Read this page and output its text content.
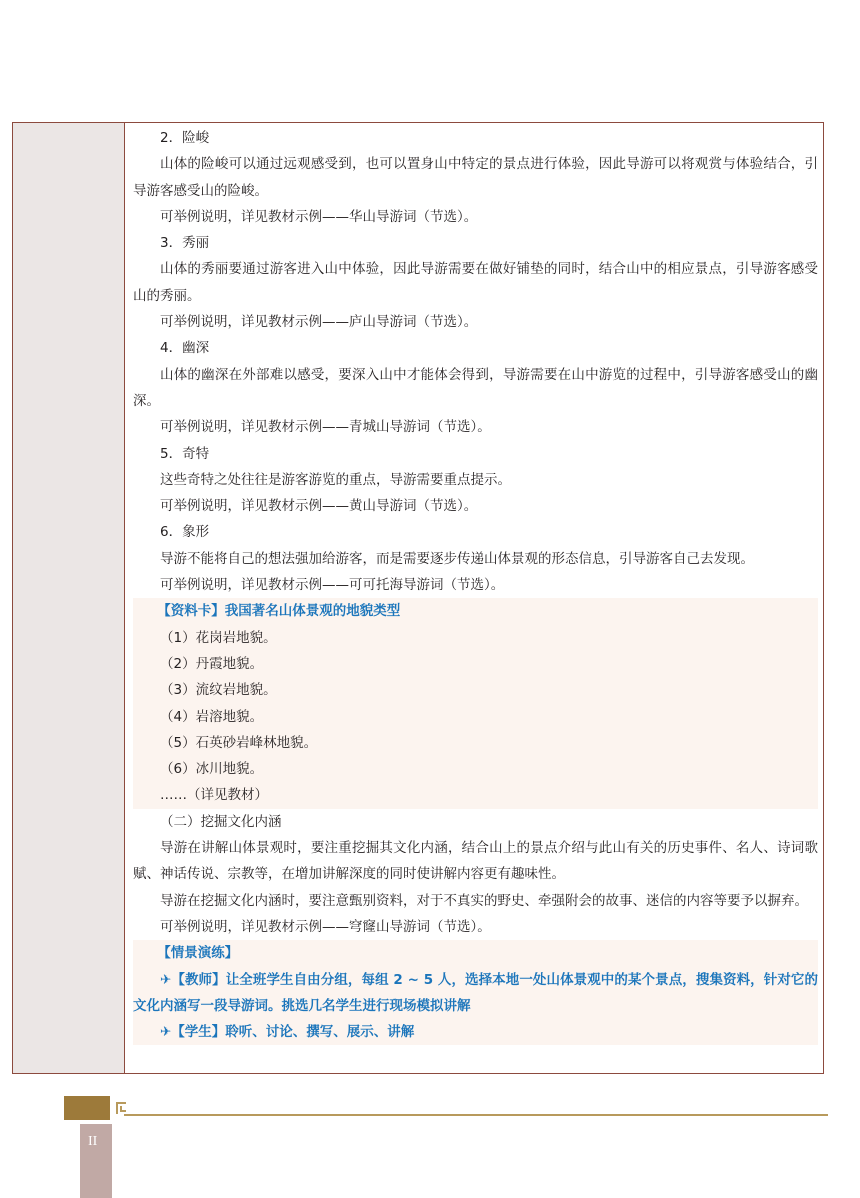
2．险峻

山体的险峻可以通过远观感受到，也可以置身山中特定的景点进行体验，因此导游可以将观赏与体验结合，引导游客感受山的险峻。

可举例说明，详见教材示例——华山导游词（节选）。

3．秀丽

山体的秀丽要通过游客进入山中体验，因此导游需要在做好铺垫的同时，结合山中的相应景点，引导游客感受山的秀丽。

可举例说明，详见教材示例——庐山导游词（节选）。

4．幽深

山体的幽深在外部难以感受，要深入山中才能体会得到，导游需要在山中游览的过程中，引导游客感受山的幽深。

可举例说明，详见教材示例——青城山导游词（节选）。

5．奇特

这些奇特之处往往是游客游览的重点，导游需要重点提示。

可举例说明，详见教材示例——黄山导游词（节选）。

6．象形

导游不能将自己的想法强加给游客，而是需要逐步传递山体景观的形态信息，引导游客自己去发现。

可举例说明，详见教材示例——可可托海导游词（节选）。

【资料卡】我国著名山体景观的地貌类型

（1）花岗岩地貌。

（2）丹霞地貌。

（3）流纹岩地貌。

（4）岩溶地貌。

（5）石英砂岩峰林地貌。

（6）冰川地貌。

……（详见教材）

（二）挖掘文化内涵

导游在讲解山体景观时，要注重挖掘其文化内涵，结合山上的景点介绍与此山有关的历史事件、名人、诗词歌赋、神话传说、宗教等，在增加讲解深度的同时使讲解内容更有趣味性。

导游在挖掘文化内涵时，要注意甄别资料，对于不真实的野史、牵强附会的故事、迷信的内容等要予以摒弃。

可举例说明，详见教材示例——穹窿山导游词（节选）。

【情景演练】

✈【教师】让全班学生自由分组，每组 2 ~ 5 人，选择本地一处山体景观中的某个景点，搜集资料，针对它的文化内涵写一段导游词。挑选几名学生进行现场模拟讲解

✈【学生】聆听、讨论、撰写、展示、讲解

II
